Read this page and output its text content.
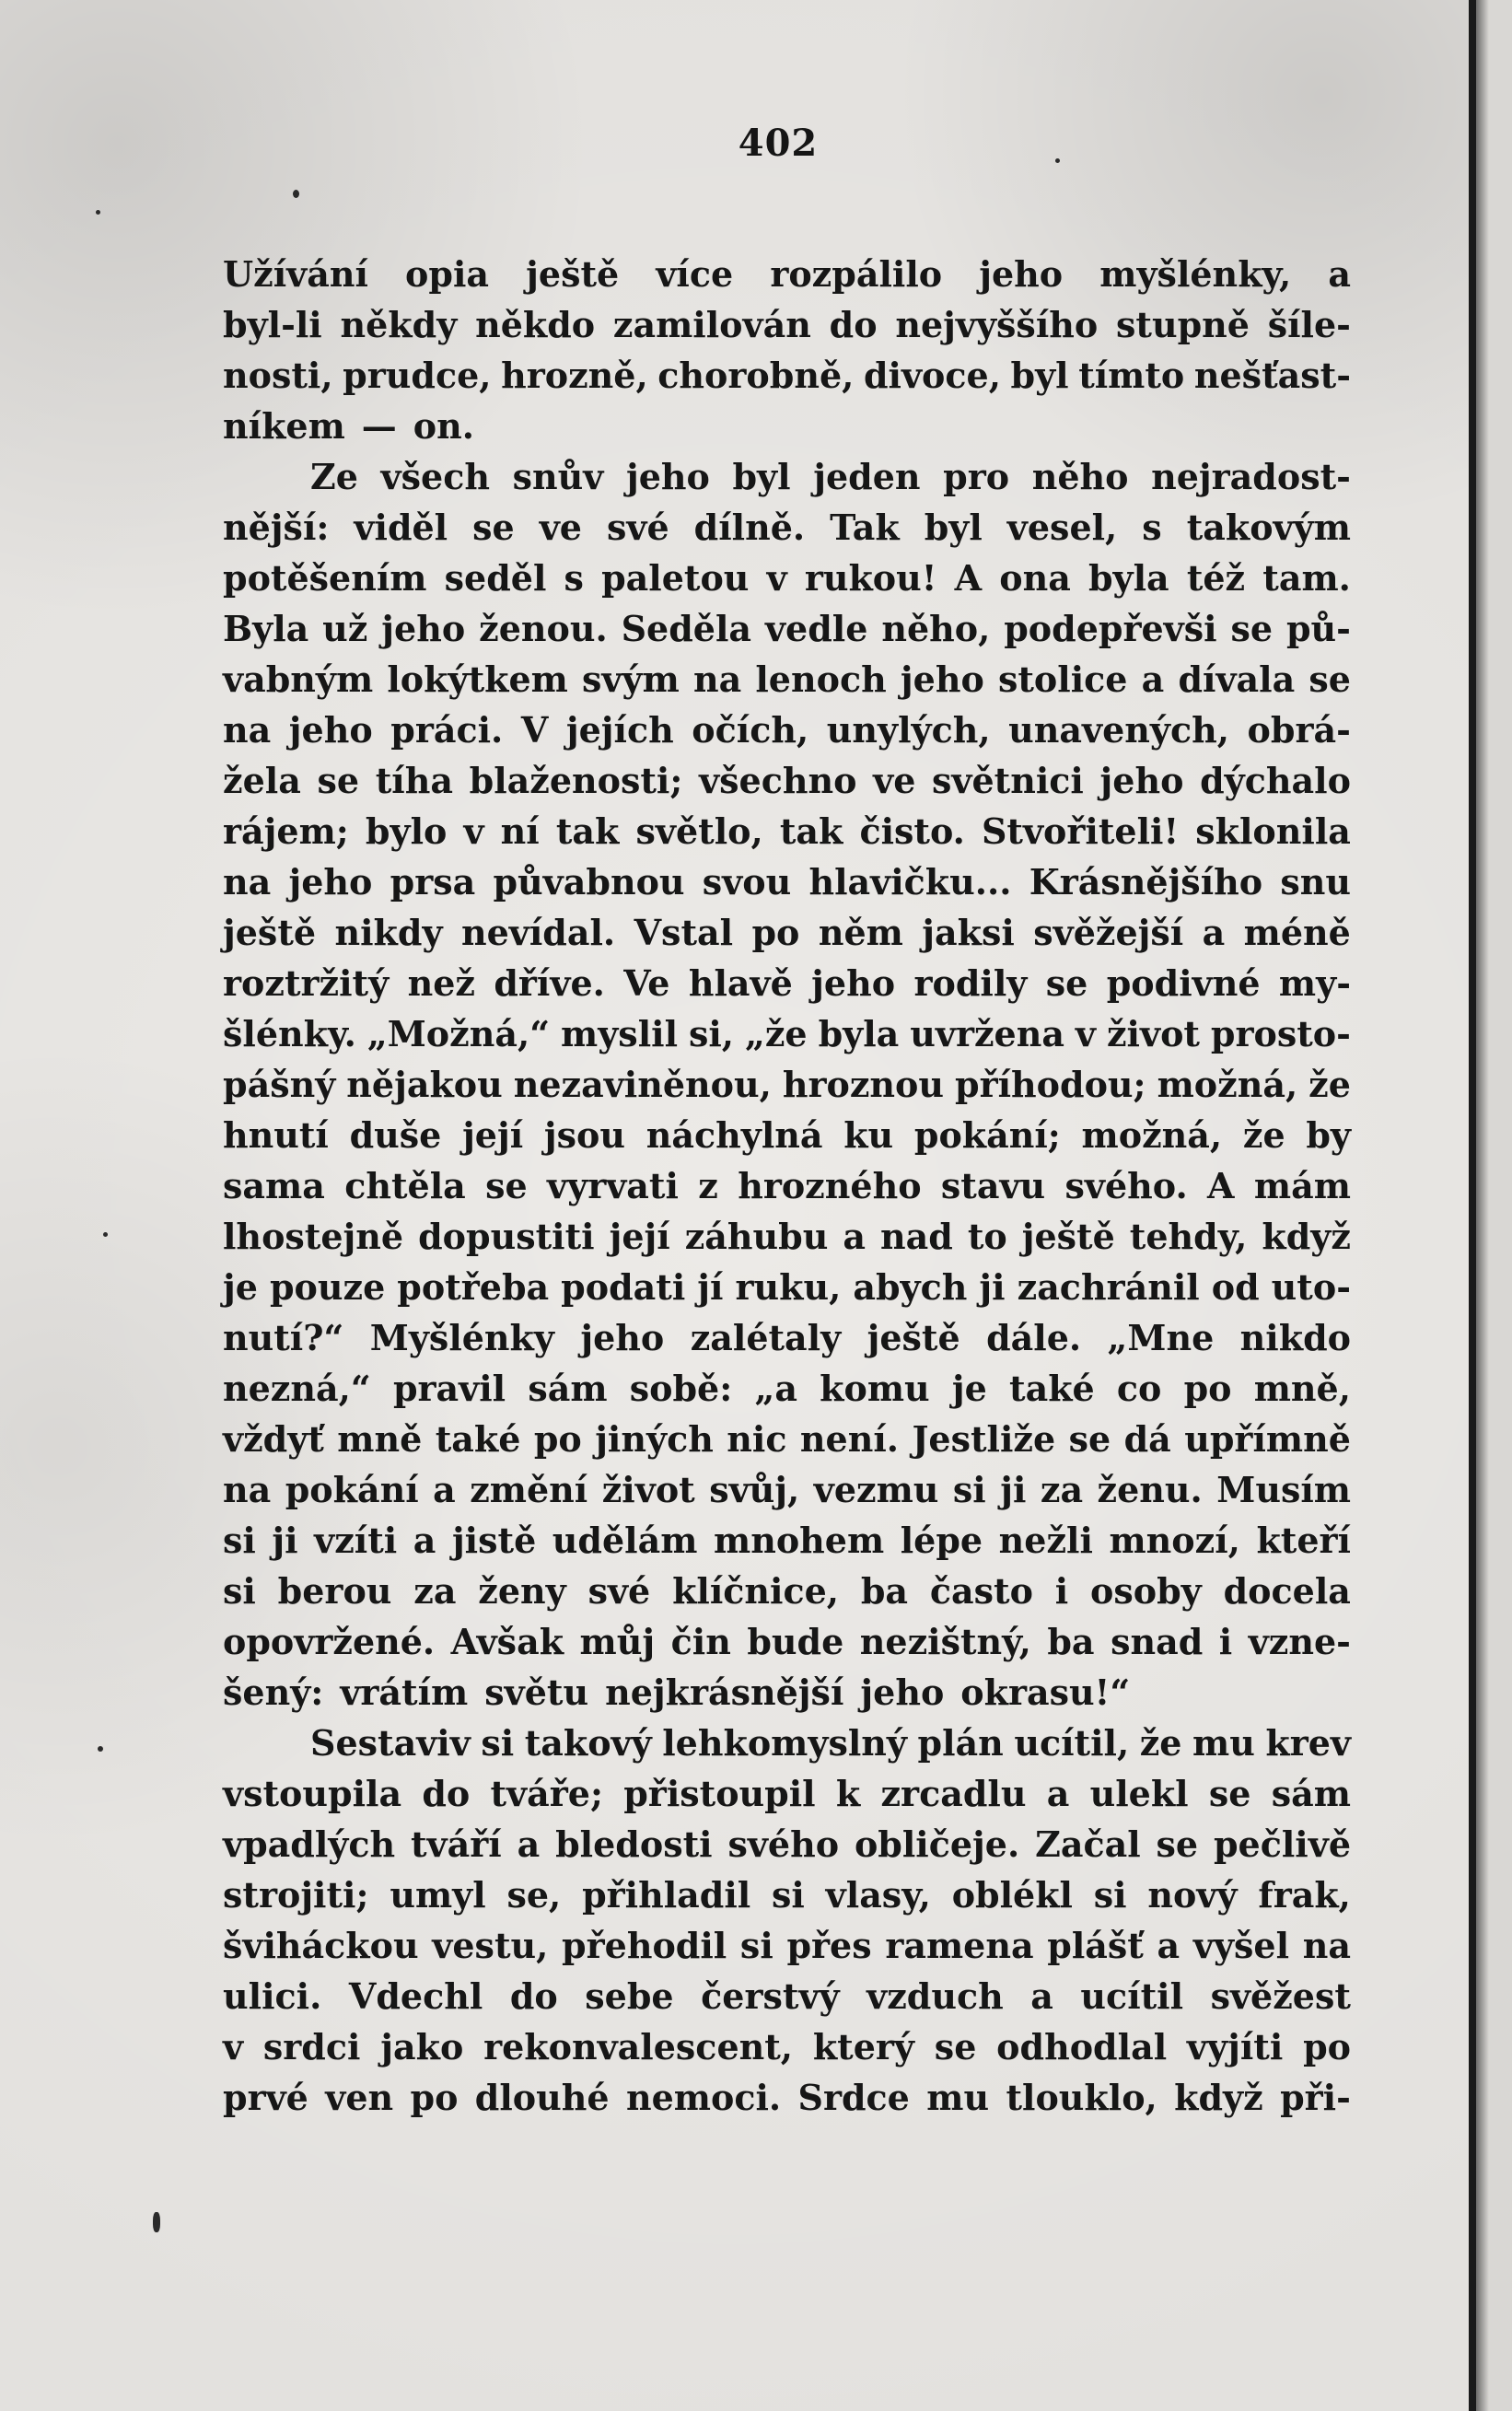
402
Užívání opia ještě více rozpálilo jeho myšlénky, a
byl-li někdy někdo zamilován do nejvyššího stupně šíle-
nosti, prudce, hrozně, chorobně, divoce, byl tímto nešťast-
níkem — on.
Ze všech snův jeho byl jeden pro něho nejradost-
nější: viděl se ve své dílně. Tak byl vesel, s takovým
potěšením seděl s paletou v rukou! A ona byla též tam.
Byla už jeho ženou. Seděla vedle něho, podepřevši se pů-
vabným lokýtkem svým na lenoch jeho stolice a dívala se
na jeho práci. V jejích očích, unylých, unavených, obrá-
žela se tíha blaženosti; všechno ve světnici jeho dýchalo
rájem; bylo v ní tak světlo, tak čisto. Stvořiteli! sklonila
na jeho prsa půvabnou svou hlavičku... Krásnějšího snu
ještě nikdy nevídal. Vstal po něm jaksi svěžejší a méně
roztržitý než dříve. Ve hlavě jeho rodily se podivné my-
šlénky. „Možná,“ myslil si, „že byla uvržena v život prosto-
pášný nějakou nezaviněnou, hroznou příhodou; možná, že
hnutí duše její jsou náchylná ku pokání; možná, že by
sama chtěla se vyrvati z hrozného stavu svého. A mám
lhostejně dopustiti její záhubu a nad to ještě tehdy, když
je pouze potřeba podati jí ruku, abych ji zachránil od uto-
nutí?“ Myšlénky jeho zalétaly ještě dále. „Mne nikdo
nezná,“ pravil sám sobě: „a komu je také co po mně,
vždyť mně také po jiných nic není. Jestliže se dá upřímně
na pokání a změní život svůj, vezmu si ji za ženu. Musím
si ji vzíti a jistě udělám mnohem lépe nežli mnozí, kteří
si berou za ženy své klíčnice, ba často i osoby docela
opovržené. Avšak můj čin bude nezištný, ba snad i vzne-
šený: vrátím světu nejkrásnější jeho okrasu!“
Sestaviv si takový lehkomyslný plán ucítil, že mu krev
vstoupila do tváře; přistoupil k zrcadlu a ulekl se sám
vpadlých tváří a bledosti svého obličeje. Začal se pečlivě
strojiti; umyl se, přihladil si vlasy, oblékl si nový frak,
šviháckou vestu, přehodil si přes ramena plášť a vyšel na
ulici. Vdechl do sebe čerstvý vzduch a ucítil svěžest
v srdci jako rekonvalescent, který se odhodlal vyjíti po
prvé ven po dlouhé nemoci. Srdce mu tlouklo, když při-
